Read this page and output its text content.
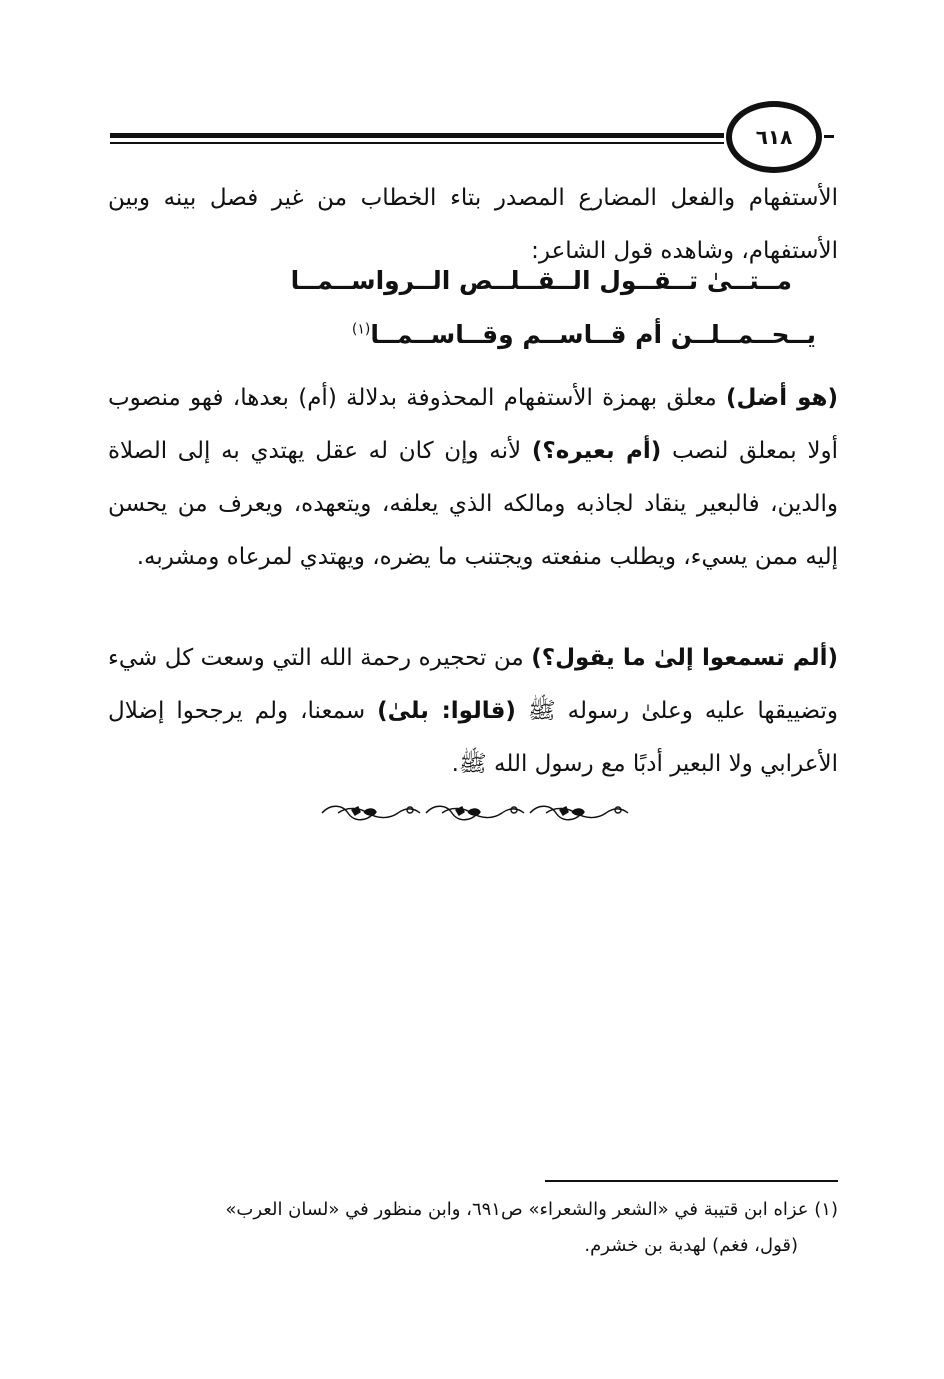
٦١٨

الأستفهام والفعل المضارع المصدر بتاء الخطاب من غير فصل بينه وبين الأستفهام، وشاهده قول الشاعر:

مــتــىٰ تــقــول الــقــلــص الــرواســمــا
يــحــمــلــن أم قــاســم وقــاســمــا$^{(١)}$

(هو أضل) معلق بهمزة الأستفهام المحذوفة بدلالة (أم) بعدها، فهو منصوب أولا بمعلق لنصب (أم بعيره؟) لأنه وإن كان له عقل يهتدي به إلى الصلاة والدين، فالبعير ينقاد لجاذبه ومالكه الذي يعلفه، ويتعهده، ويعرف من يحسن إليه ممن يسيء، ويطلب منفعته ويجتنب ما يضره، ويهتدي لمرعاه ومشربه.

(ألم تسمعوا إلىٰ ما يقول؟) من تحجيره رحمة الله التي وسعت كل شيء وتضييقها عليه وعلىٰ رسوله ﷺ (قالوا: بلىٰ) سمعنا، ولم يرجحوا إضلال الأعرابي ولا البعير أدبًا مع رسول الله ﷺ.

(١) عزاه ابن قتيبة في «الشعر والشعراء» ص٦٩١، وابن منظور في «لسان العرب»

(قول، فغم) لهدبة بن خشرم.
